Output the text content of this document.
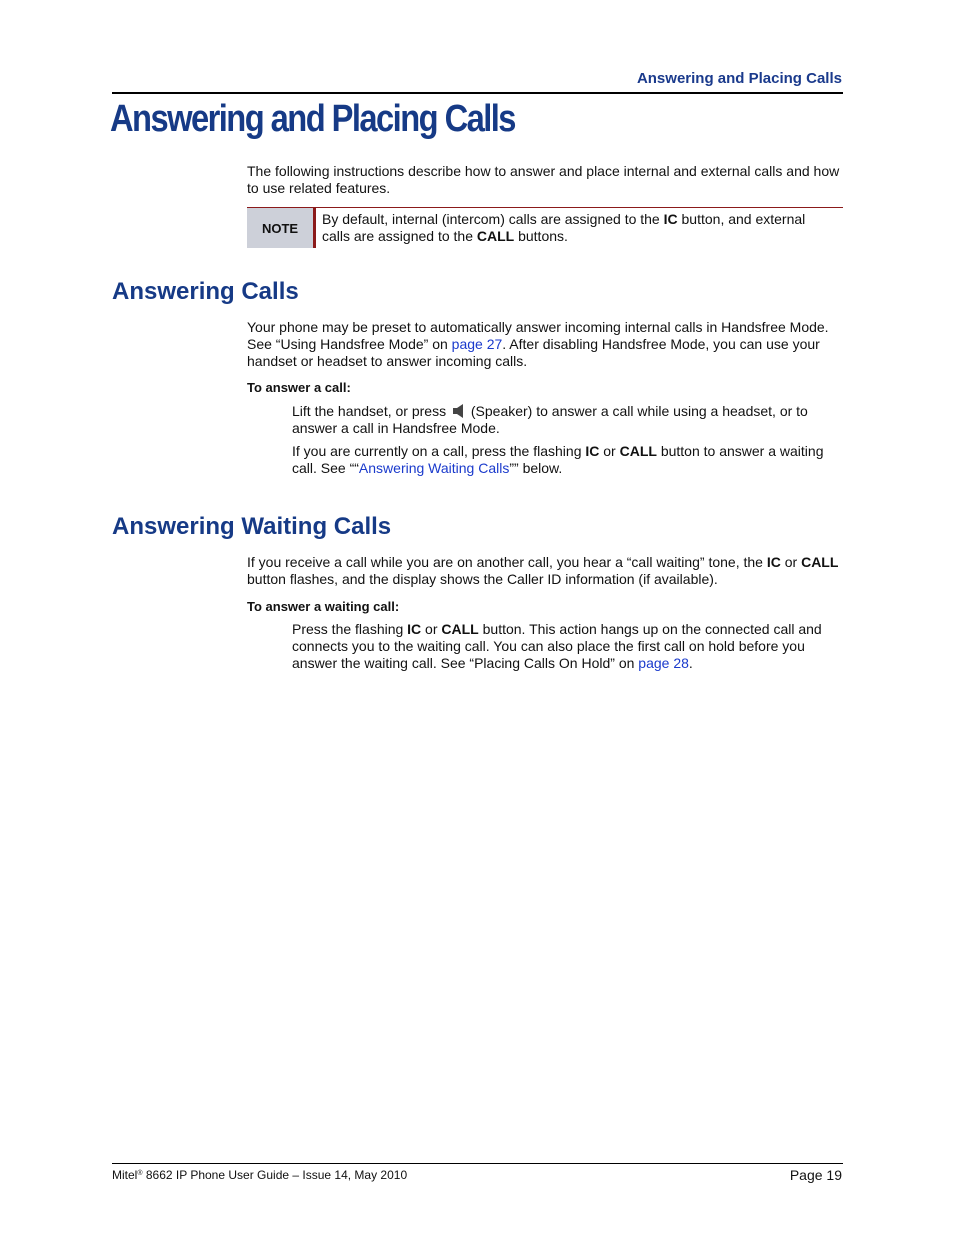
Answering and Placing Calls
Answering and Placing Calls
The following instructions describe how to answer and place internal and external calls and how to use related features.
NOTE
By default, internal (intercom) calls are assigned to the IC button, and external calls are assigned to the CALL buttons.
Answering Calls
Your phone may be preset to automatically answer incoming internal calls in Handsfree Mode. See “Using Handsfree Mode” on page 27. After disabling Handsfree Mode, you can use your handset or headset to answer incoming calls.
To answer a call:
Lift the handset, or press  (Speaker) to answer a call while using a headset, or to answer a call in Handsfree Mode.
If you are currently on a call, press the flashing IC or CALL button to answer a waiting call. See ““Answering Waiting Calls”” below.
Answering Waiting Calls
If you receive a call while you are on another call, you hear a “call waiting” tone, the IC or CALL button flashes, and the display shows the Caller ID information (if available).
To answer a waiting call:
Press the flashing IC or CALL button. This action hangs up on the connected call and connects you to the waiting call. You can also place the first call on hold before you answer the waiting call. See “Placing Calls On Hold” on page 28.
Mitel® 8662 IP Phone User Guide – Issue 14, May 2010	Page 19
